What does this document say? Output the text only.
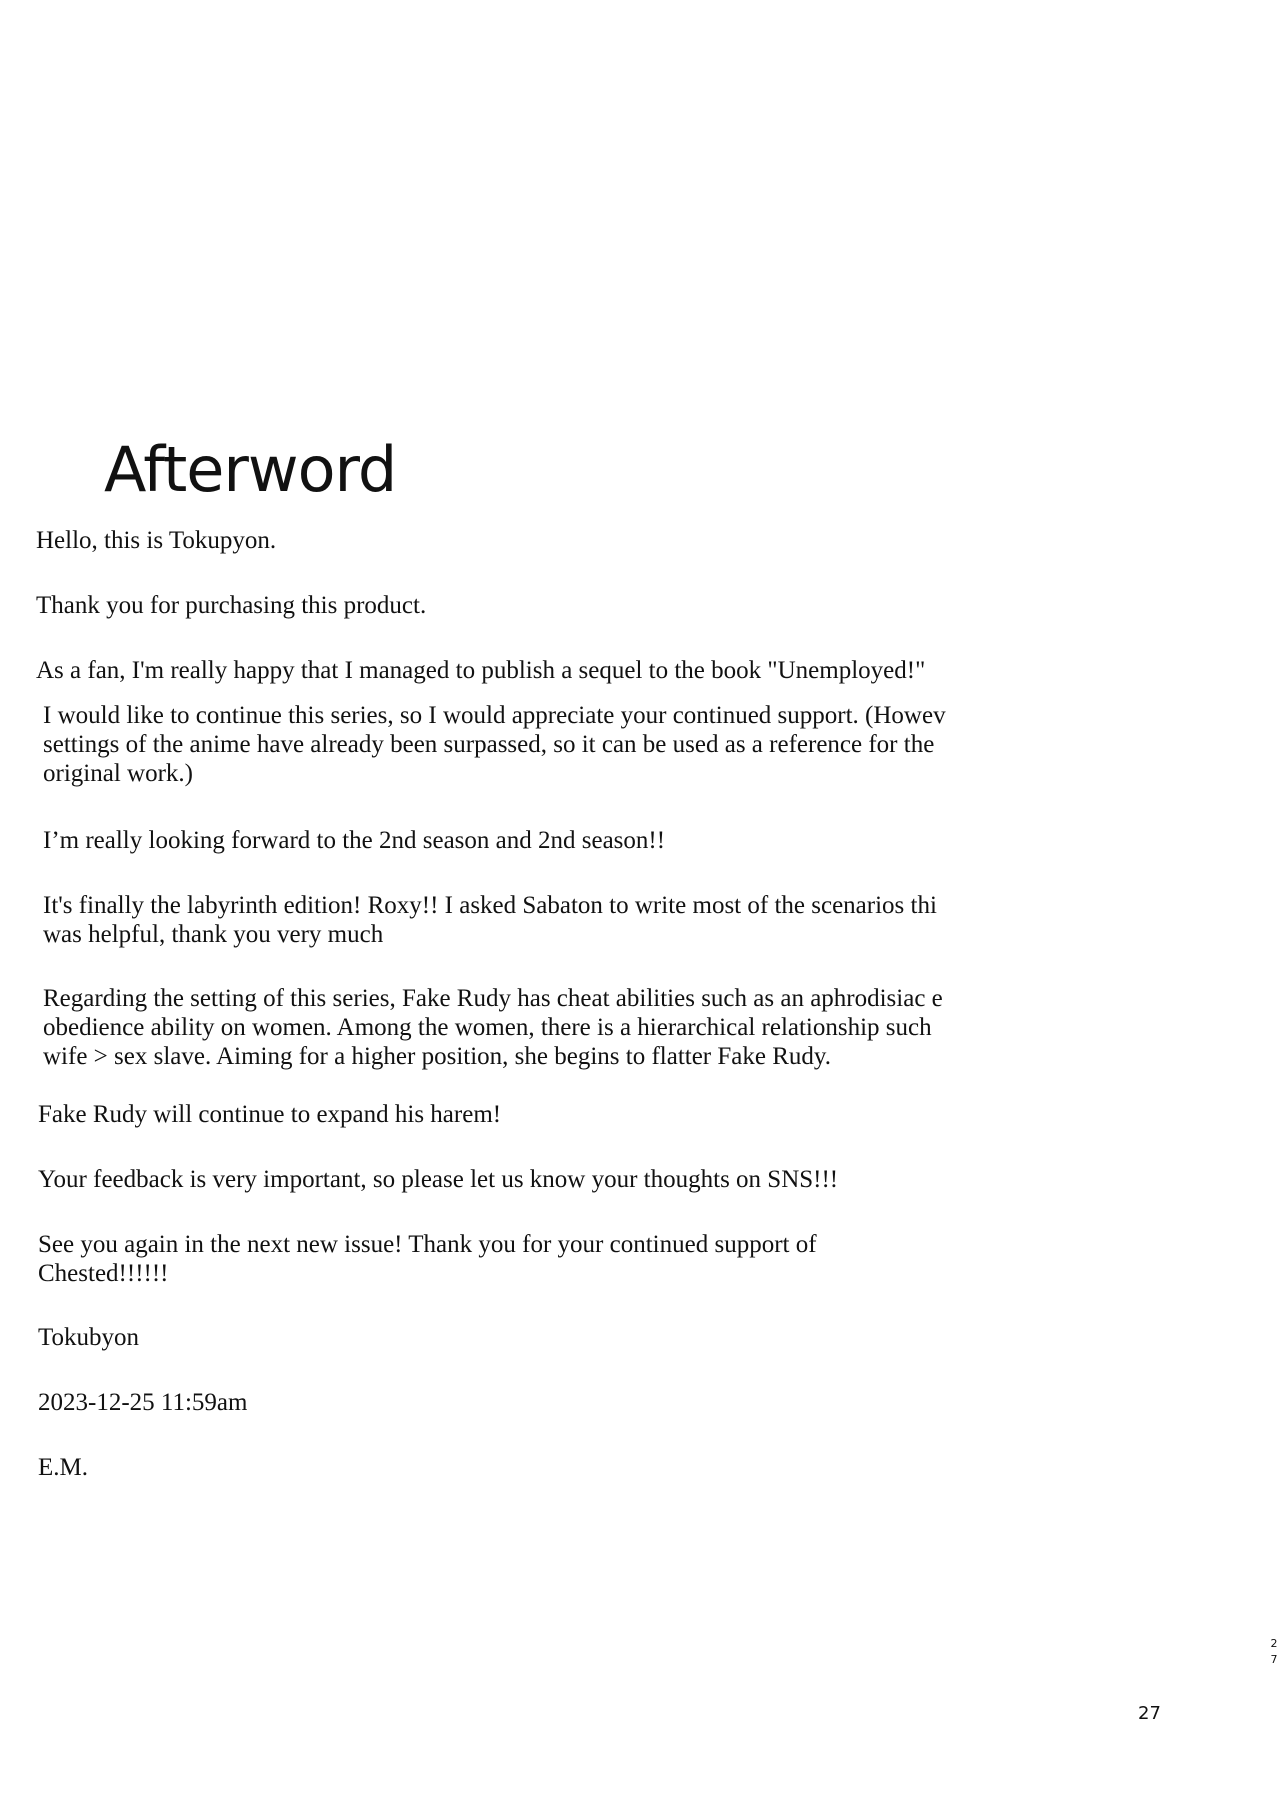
Afterword

Hello, this is Tokupyon.

Thank you for purchasing this product.

As a fan, I'm really happy that I managed to publish a sequel to the book "Unemployed!"

I would like to continue this series, so I would appreciate your continued support. (Howev
settings of the anime have already been surpassed, so it can be used as a reference for the
original work.)

I’m really looking forward to the 2nd season and 2nd season!!

It's finally the labyrinth edition! Roxy!! I asked Sabaton to write most of the scenarios thi
was helpful, thank you very much

Regarding the setting of this series, Fake Rudy has cheat abilities such as an aphrodisiac e
obedience ability on women. Among the women, there is a hierarchical relationship such
wife > sex slave. Aiming for a higher position, she begins to flatter Fake Rudy.

Fake Rudy will continue to expand his harem!

Your feedback is very important, so please let us know your thoughts on SNS!!!

See you again in the next new issue! Thank you for your continued support of
Chested!!!!!!

Tokubyon

2023-12-25 11:59am

E.M.

27
27
